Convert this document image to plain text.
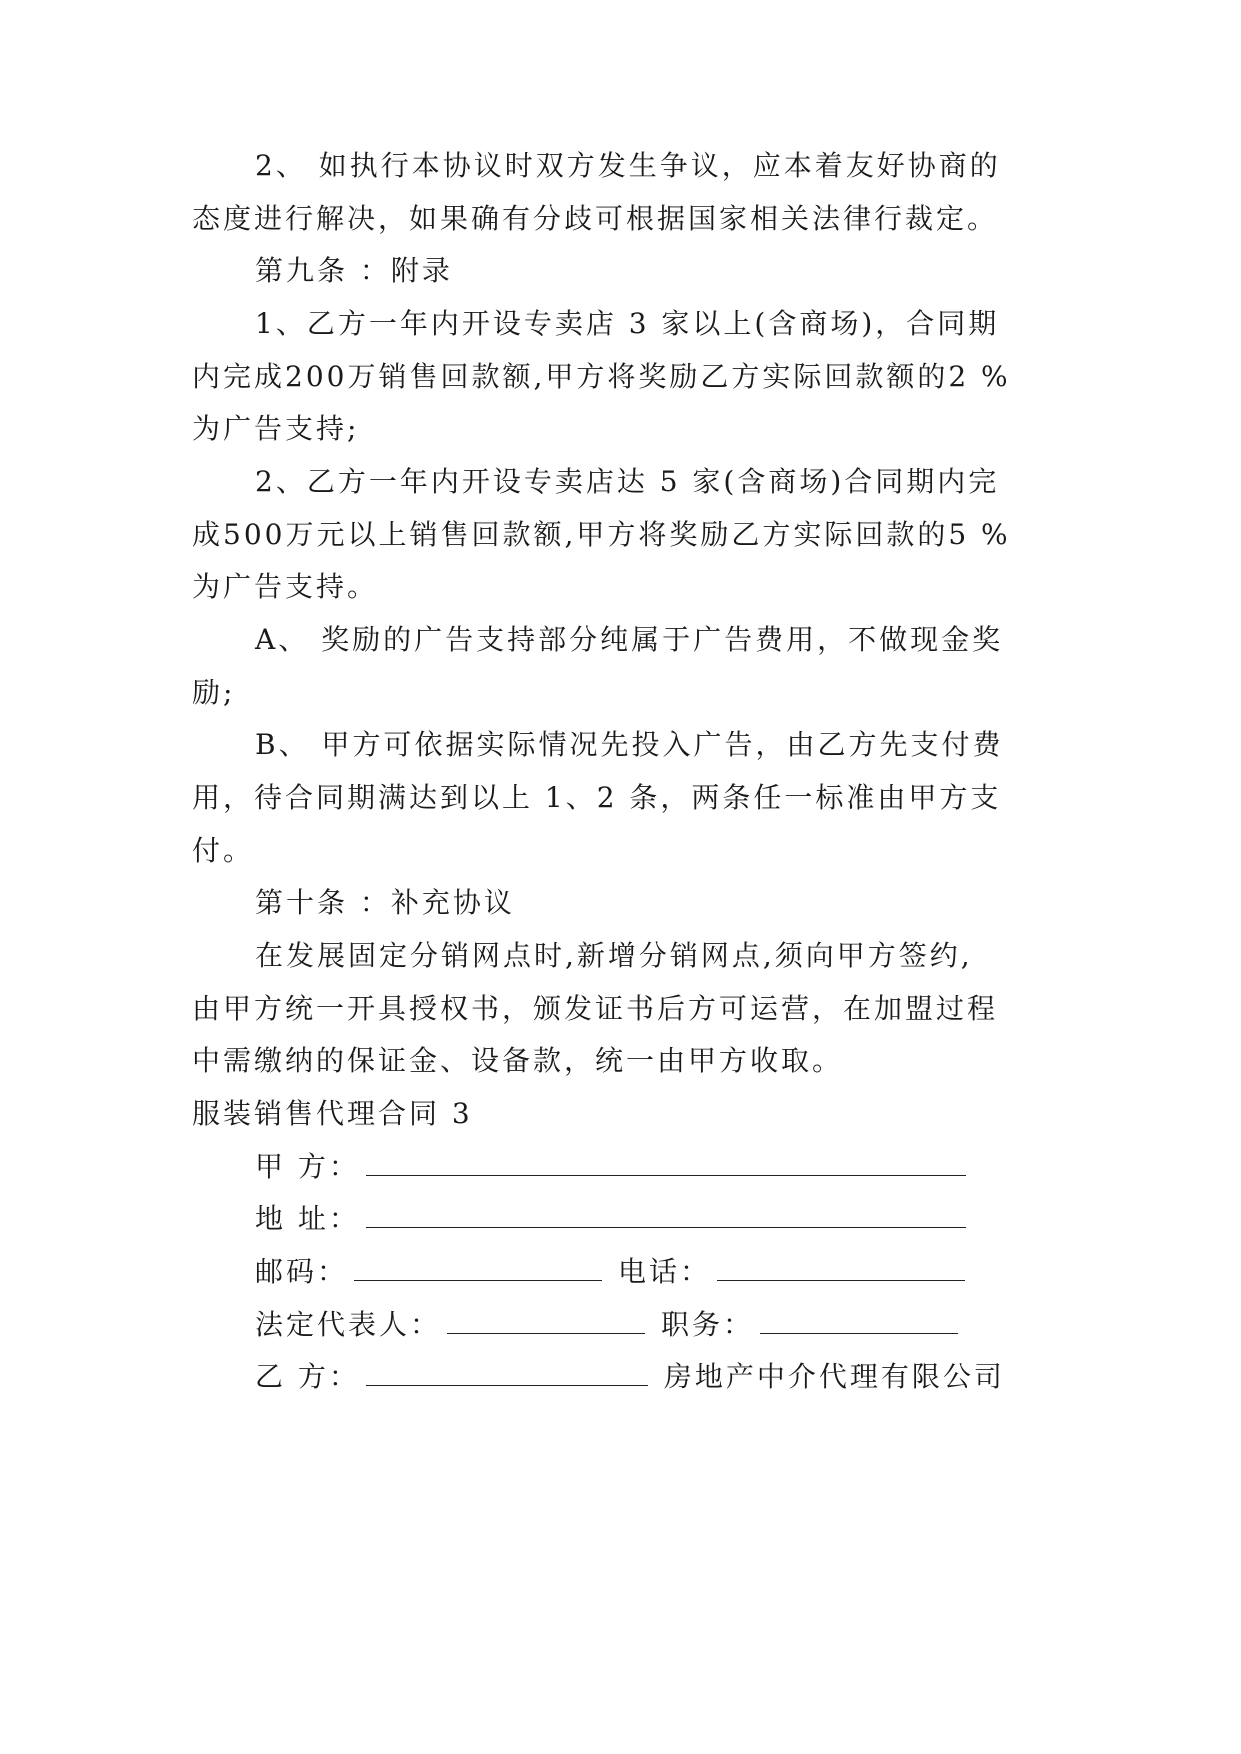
2、 如执行本协议时双方发生争议，应本着友好协商的
态度进行解决，如果确有分歧可根据国家相关法律行裁定。
第九条 ：附录
1、乙方一年内开设专卖店 3 家以上(含商场)，合同期
内完成200万销售回款额,甲方将奖励乙方实际回款额的2 %
为广告支持;
2、乙方一年内开设专卖店达 5 家(含商场)合同期内完
成500万元以上销售回款额,甲方将奖励乙方实际回款的5 %
为广告支持。
A、 奖励的广告支持部分纯属于广告费用，不做现金奖
励;
B、 甲方可依据实际情况先投入广告，由乙方先支付费
用，待合同期满达到以上 1、2 条，两条任一标准由甲方支
付。
第十条 ：补充协议
在发展固定分销网点时,新增分销网点,须向甲方签约,
由甲方统一开具授权书，颁发证书后方可运营，在加盟过程
中需缴纳的保证金、设备款，统一由甲方收取。
服装销售代理合同 3
甲 方：
地 址：
邮码：	电话：
法定代表人：	职务：
乙 方：	房地产中介代理有限公司
